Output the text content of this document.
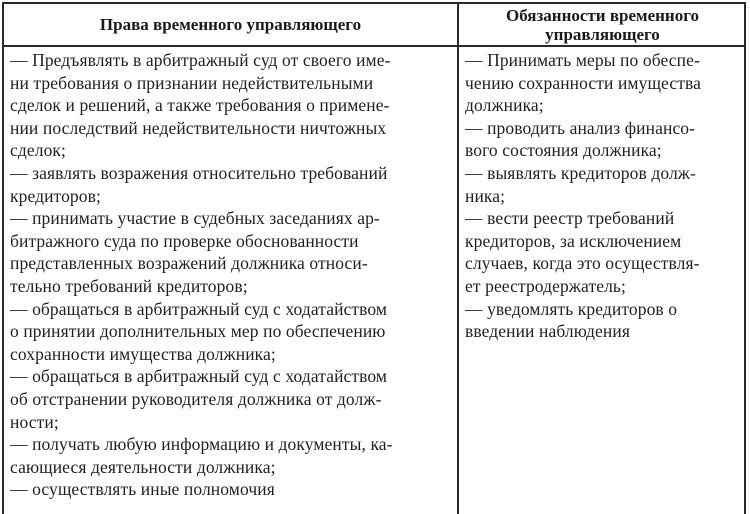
Права временного управляющего	Обязанности временного
управляющего
— Предъявлять в арбитражный суд от своего име-
ни требования о признании недействительными
сделок и решений, а также требования о примене-
нии последствий недействительности ничтожных
сделок;
— заявлять возражения относительно требований
кредиторов;
— принимать участие в судебных заседаниях ар-
битражного суда по проверке обоснованности
представленных возражений должника относи-
тельно требований кредиторов;
— обращаться в арбитражный суд с ходатайством
о принятии дополнительных мер по обеспечению
сохранности имущества должника;
— обращаться в арбитражный суд с ходатайством
об отстранении руководителя должника от долж-
ности;
— получать любую информацию и документы, ка-
сающиеся деятельности должника;
— осуществлять иные полномочия
— Принимать меры по обеспе-
чению сохранности имущества
должника;
— проводить анализ финансо-
вого состояния должника;
— выявлять кредиторов долж-
ника;
— вести реестр требований
кредиторов, за исключением
случаев, когда это осуществля-
ет реестродержатель;
— уведомлять кредиторов о
введении наблюдения
